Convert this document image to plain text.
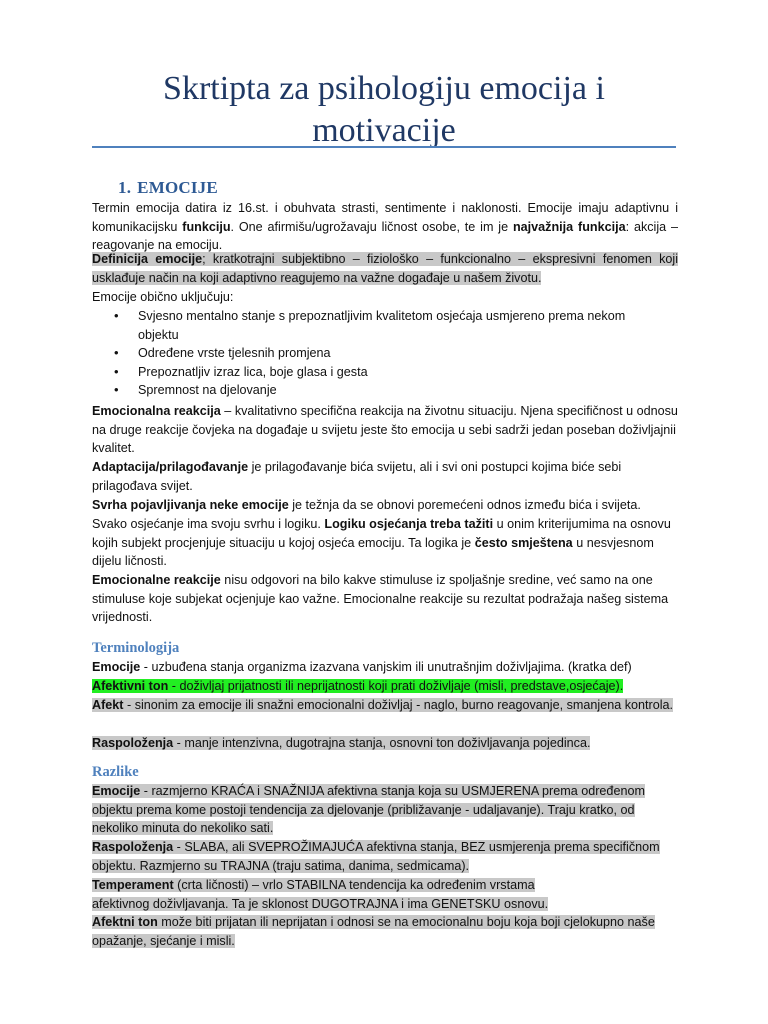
Skrtipta za psihologiju emocija i motivacije
1. EMOCIJE
Termin emocija datira iz 16.st. i obuhvata strasti, sentimente i naklonosti. Emocije imaju adaptivnu i komunikacijsku funkciju. One afirmišu/ugrožavaju ličnost osobe, te im je najvažnija funkcija: akcija – reagovanje na emociju.
Definicija emocije; kratkotrajni subjektibno – fiziološko – funkcionalno – ekspresivni fenomen koji usklađuje način na koji adaptivno reagujemo na važne događaje u našem životu.
Emocije obično uključuju:
• Svjesno mentalno stanje s prepoznatljivim kvalitetom osjećaja usmjereno prema nekom
objektu
• Određene vrste tjelesnih promjena
• Prepoznatljiv izraz lica, boje glasa i gesta
• Spremnost na djelovanje
Emocionalna reakcija – kvalitativno specifična reakcija na životnu situaciju. Njena specifičnost u odnosu na druge reakcije čovjeka na događaje u svijetu jeste što emocija u sebi sadrži jedan poseban doživljajnii kvalitet.
Adaptacija/prilagođavanje je prilagođavanje bića svijetu, ali i svi oni postupci kojima biće sebi prilagođava svijet.
Svrha pojavljivanja neke emocije je težnja da se obnovi poremećeni odnos između bića i svijeta.
Svako osjećanje ima svoju svrhu i logiku. Logiku osjećanja treba tažiti u onim kriterijumima na osnovu kojih subjekt procjenjuje situaciju u kojoj osjeća emociju. Ta logika je često smještena u nesvjesnom dijelu ličnosti.
Emocionalne reakcije nisu odgovori na bilo kakve stimuluse iz spoljašnje sredine, već samo na one stimuluse koje subjekat ocjenjuje kao važne. Emocionalne reakcije su rezultat podražaja našeg sistema vrijednosti.
Terminologija
Emocije - uzbuđena stanja organizma izazvana vanjskim ili unutrašnjim doživljajima. (kratka def)
Afektivni ton - doživljaj prijatnosti ili neprijatnosti koji prati doživljaje (misli, predstave,osjećaje).
Afekt - sinonim za emocije ili snažni emocionalni doživljaj - naglo, burno reagovanje, smanjena kontrola.
Raspoloženja - manje intenzivna, dugotrajna stanja, osnovni ton doživljavanja pojedinca.
Razlike
Emocije - razmjerno KRAĆA i SNAŽNIJA afektivna stanja koja su USMJERENA prema određenom objektu prema kome postoji tendencija za djelovanje (približavanje - udaljavanje). Traju kratko, od nekoliko minuta do nekoliko sati.
Raspoloženja - SLABA, ali SVEPROŽIMAJUĆA afektivna stanja, BEZ usmjerenja prema specifičnom objektu. Razmjerno su TRAJNA (traju satima, danima, sedmicama).
Temperament (crta ličnosti) – vrlo STABILNA tendencija ka određenim vrstama
afektivnog doživljavanja. Ta je sklonost DUGOTRAJNA i ima GENETSKU osnovu.
Afektni ton može biti prijatan ili neprijatan i odnosi se na emocionalnu boju koja boji cjelokupno naše opažanje, sjećanje i misli.
